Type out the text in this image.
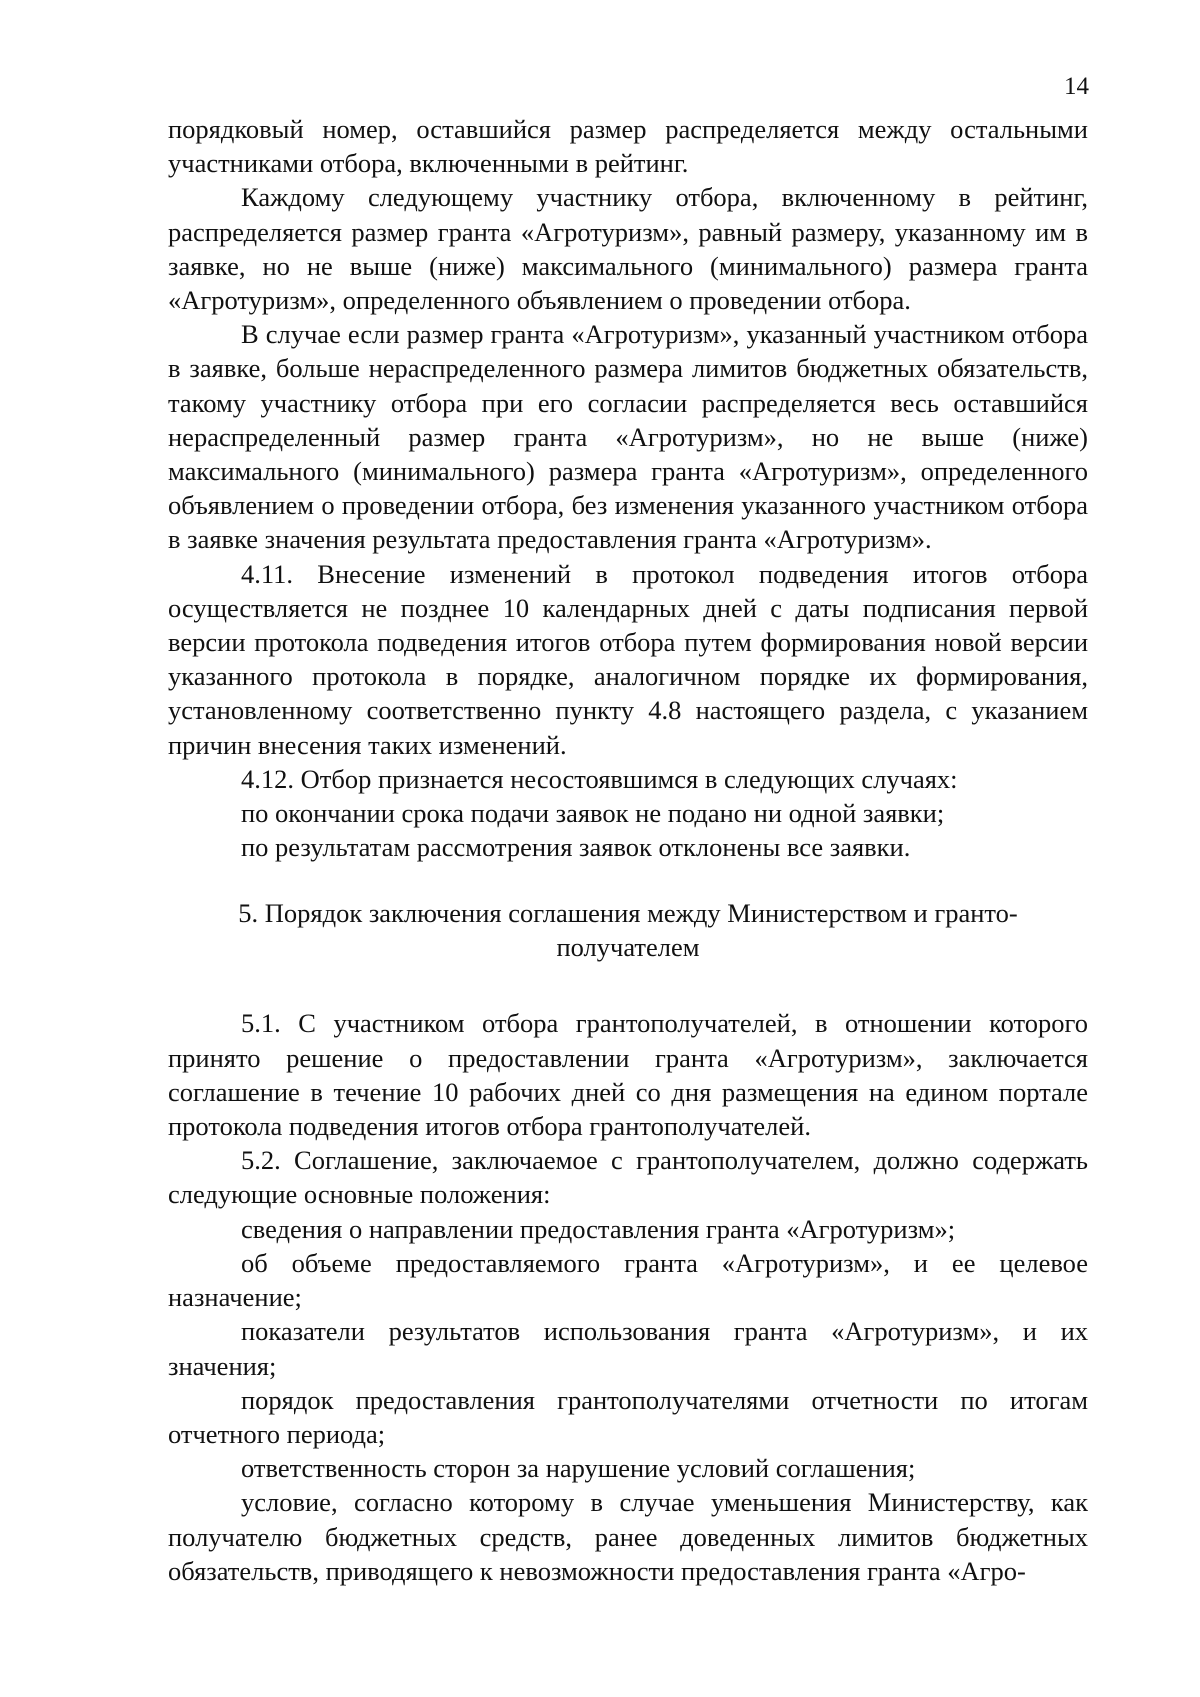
14

порядковый номер, оставшийся размер распределяется между остальными участниками отбора, включенными в рейтинг.

Каждому следующему участнику отбора, включенному в рейтинг, распределяется размер гранта «Агротуризм», равный размеру, указанному им в заявке, но не выше (ниже) максимального (минимального) размера гранта «Агротуризм», определенного объявлением о проведении отбора.

В случае если размер гранта «Агротуризм», указанный участником отбора в заявке, больше нераспределенного размера лимитов бюджетных обязательств, такому участнику отбора при его согласии распределяется весь оставшийся нераспределенный размер гранта «Агротуризм», но не выше (ниже) максимального (минимального) размера гранта «Агротуризм», определенного объявлением о проведении отбора, без изменения указанного участником отбора в заявке значения результата предоставления гранта «Агротуризм».

4.11. Внесение изменений в протокол подведения итогов отбора осуществляется не позднее 10 календарных дней с даты подписания первой версии протокола подведения итогов отбора путем формирования новой версии указанного протокола в порядке, аналогичном порядке их формирования, установленному соответственно пункту 4.8 настоящего раздела, с указанием причин внесения таких изменений.

4.12. Отбор признается несостоявшимся в следующих случаях:

по окончании срока подачи заявок не подано ни одной заявки;

по результатам рассмотрения заявок отклонены все заявки.

5. Порядок заключения соглашения между Министерством и гранто-
получателем

5.1. С участником отбора грантополучателей, в отношении которого принято решение о предоставлении гранта «Агротуризм», заключается соглашение в течение 10 рабочих дней со дня размещения на едином портале протокола подведения итогов отбора грантополучателей.

5.2. Соглашение, заключаемое с грантополучателем, должно содержать следующие основные положения:

сведения о направлении предоставления гранта «Агротуризм»;

об объеме предоставляемого гранта «Агротуризм», и ее целевое назначение;

показатели результатов использования гранта «Агротуризм», и их значения;

порядок предоставления грантополучателями отчетности по итогам отчетного периода;

ответственность сторон за нарушение условий соглашения;

условие, согласно которому в случае уменьшения Министерству, как получателю бюджетных средств, ранее доведенных лимитов бюджетных обязательств, приводящего к невозможности предоставления гранта «Агро-
